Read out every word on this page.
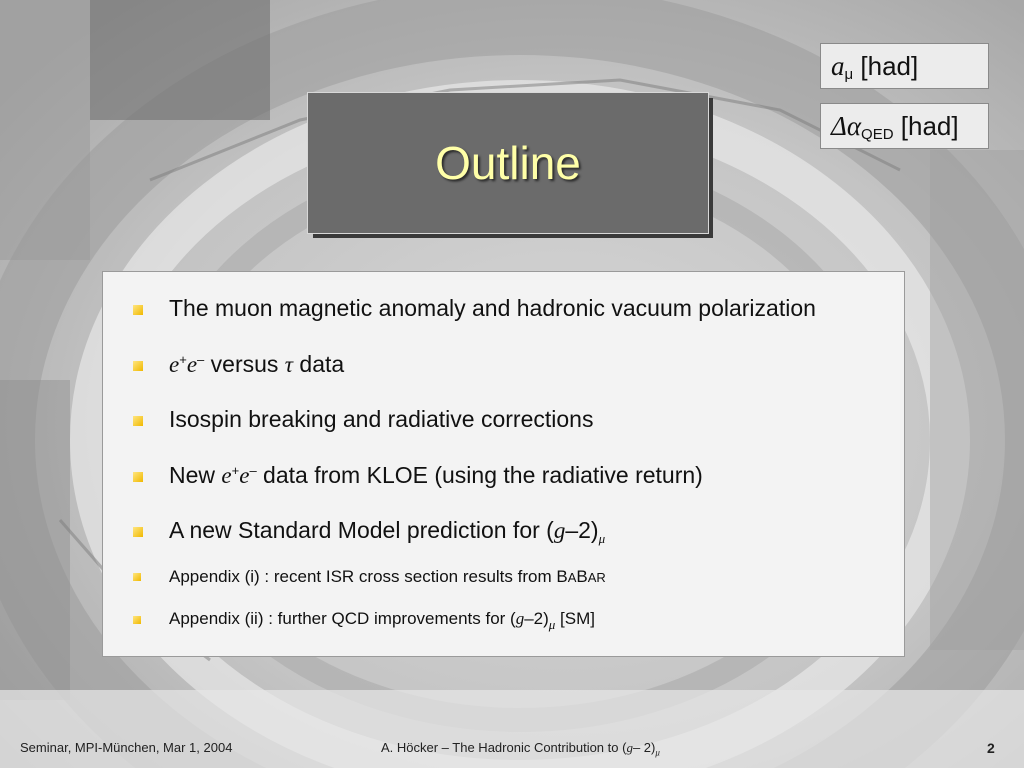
$a_\mu$ [had]
$\Delta\alpha_{QED}$ [had]
Outline
The muon magnetic anomaly and hadronic vacuum polarization
e+e– versus τ data
Isospin breaking and radiative corrections
New e+e– data from KLOE (using the radiative return)
A new Standard Model prediction for $(g-2)_\mu$
Appendix (i) : recent ISR cross section results from BABAR
Appendix (ii) : further QCD improvements for $(g-2)_\mu$ [SM]
Seminar, MPI-München, Mar 1, 2004	A. Höcker – The Hadronic Contribution to (g– $2)_\mu$	2
